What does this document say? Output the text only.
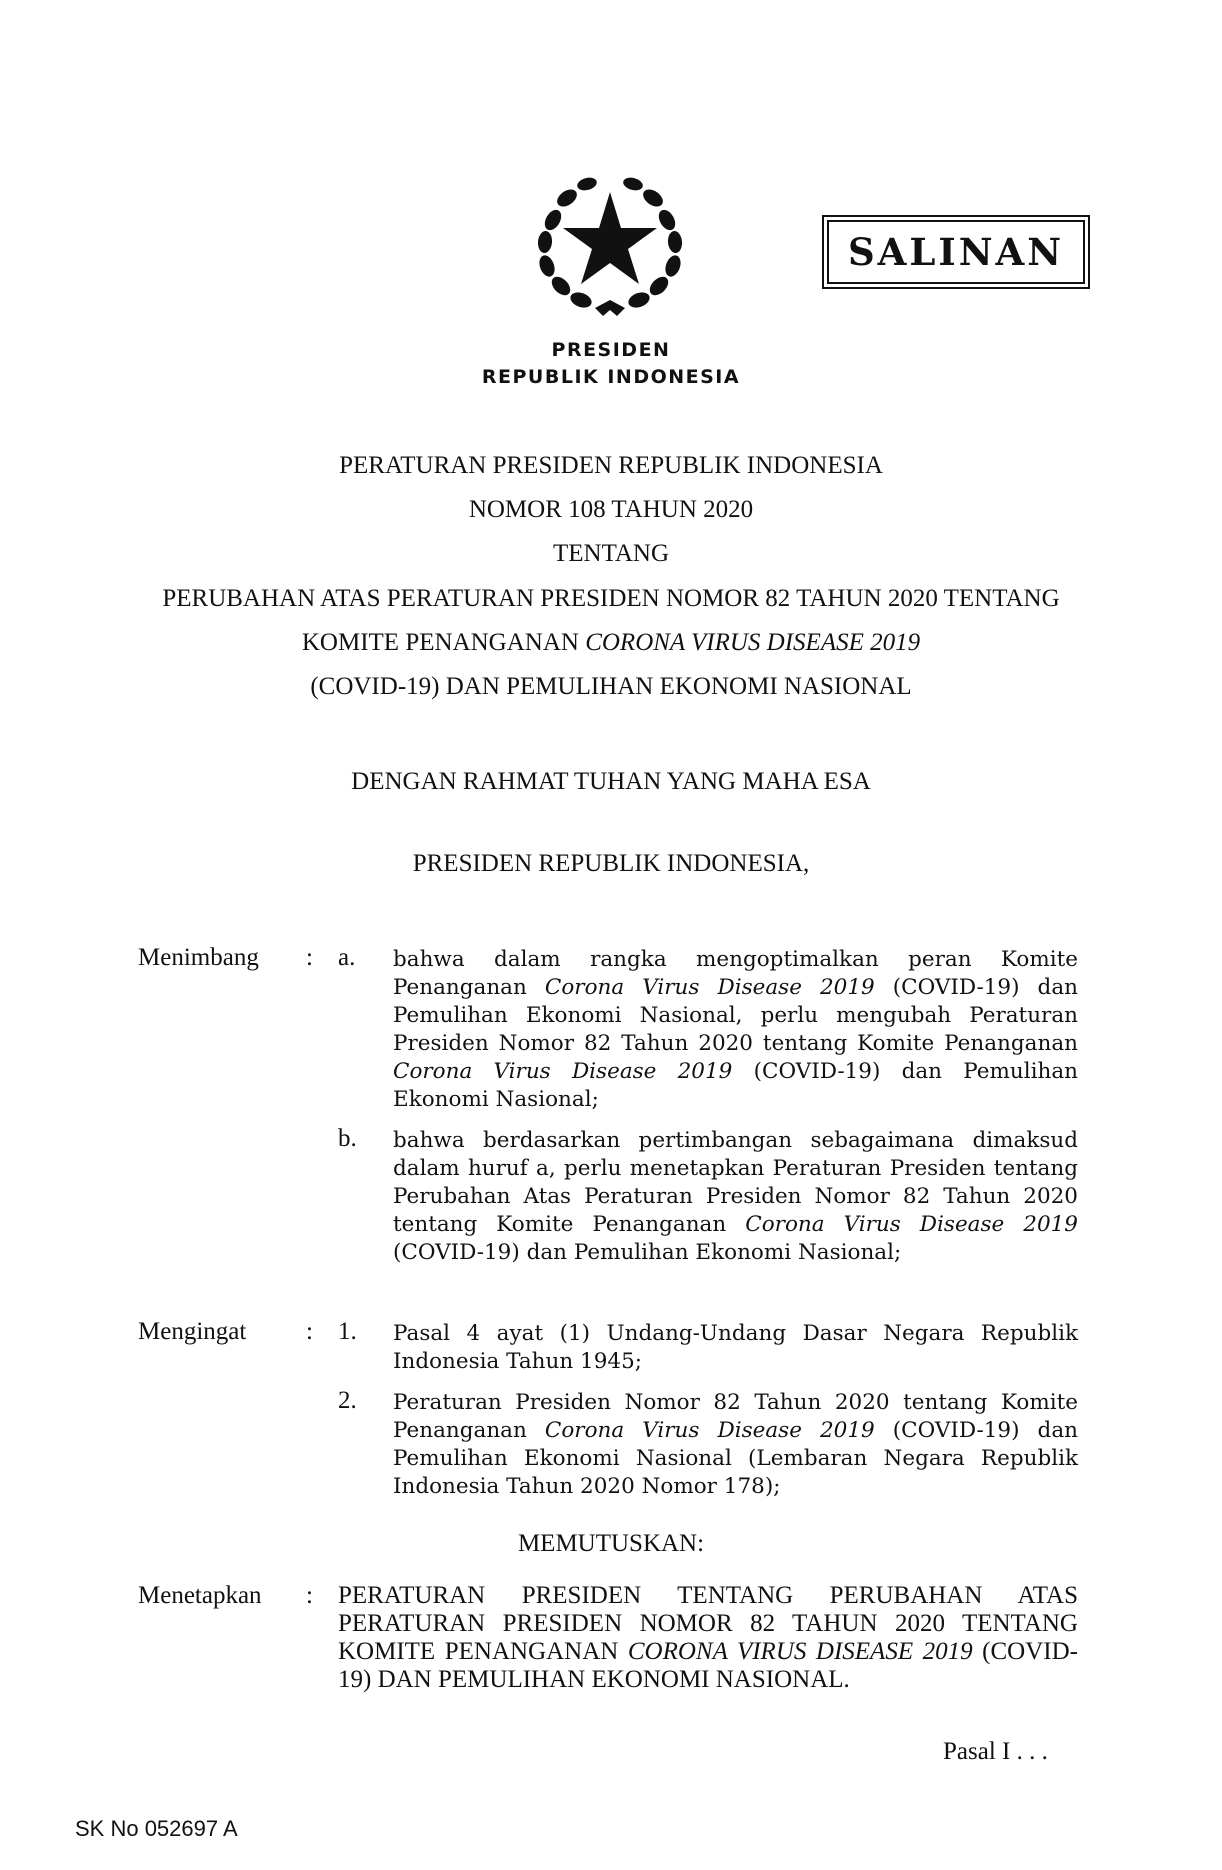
SALINAN
PRESIDEN
REPUBLIK INDONESIA
PERATURAN PRESIDEN REPUBLIK INDONESIA
NOMOR 108 TAHUN 2020
TENTANG
PERUBAHAN ATAS PERATURAN PRESIDEN NOMOR 82 TAHUN 2020 TENTANG
KOMITE PENANGANAN CORONA VIRUS DISEASE 2019
(COVID-19) DAN PEMULIHAN EKONOMI NASIONAL
DENGAN RAHMAT TUHAN YANG MAHA ESA
PRESIDEN REPUBLIK INDONESIA,
Menimbang : a. bahwa dalam rangka mengoptimalkan peran Komite Penanganan Corona Virus Disease 2019 (COVID-19) dan Pemulihan Ekonomi Nasional, perlu mengubah Peraturan Presiden Nomor 82 Tahun 2020 tentang Komite Penanganan Corona Virus Disease 2019 (COVID-19) dan Pemulihan Ekonomi Nasional;

b. bahwa berdasarkan pertimbangan sebagaimana dimaksud dalam huruf a, perlu menetapkan Peraturan Presiden tentang Perubahan Atas Peraturan Presiden Nomor 82 Tahun 2020 tentang Komite Penanganan Corona Virus Disease 2019 (COVID-19) dan Pemulihan Ekonomi Nasional;

Mengingat : 1. Pasal 4 ayat (1) Undang-Undang Dasar Negara Republik Indonesia Tahun 1945;

2. Peraturan Presiden Nomor 82 Tahun 2020 tentang Komite Penanganan Corona Virus Disease 2019 (COVID-19) dan Pemulihan Ekonomi Nasional (Lembaran Negara Republik Indonesia Tahun 2020 Nomor 178);

MEMUTUSKAN:
Menetapkan : PERATURAN PRESIDEN TENTANG PERUBAHAN ATAS
PERATURAN PRESIDEN NOMOR 82 TAHUN 2020 TENTANG
KOMITE PENANGANAN CORONA VIRUS DISEASE 2019 (COVID-
19) DAN PEMULIHAN EKONOMI NASIONAL.
Pasal I . . .
SK No 052697 A
